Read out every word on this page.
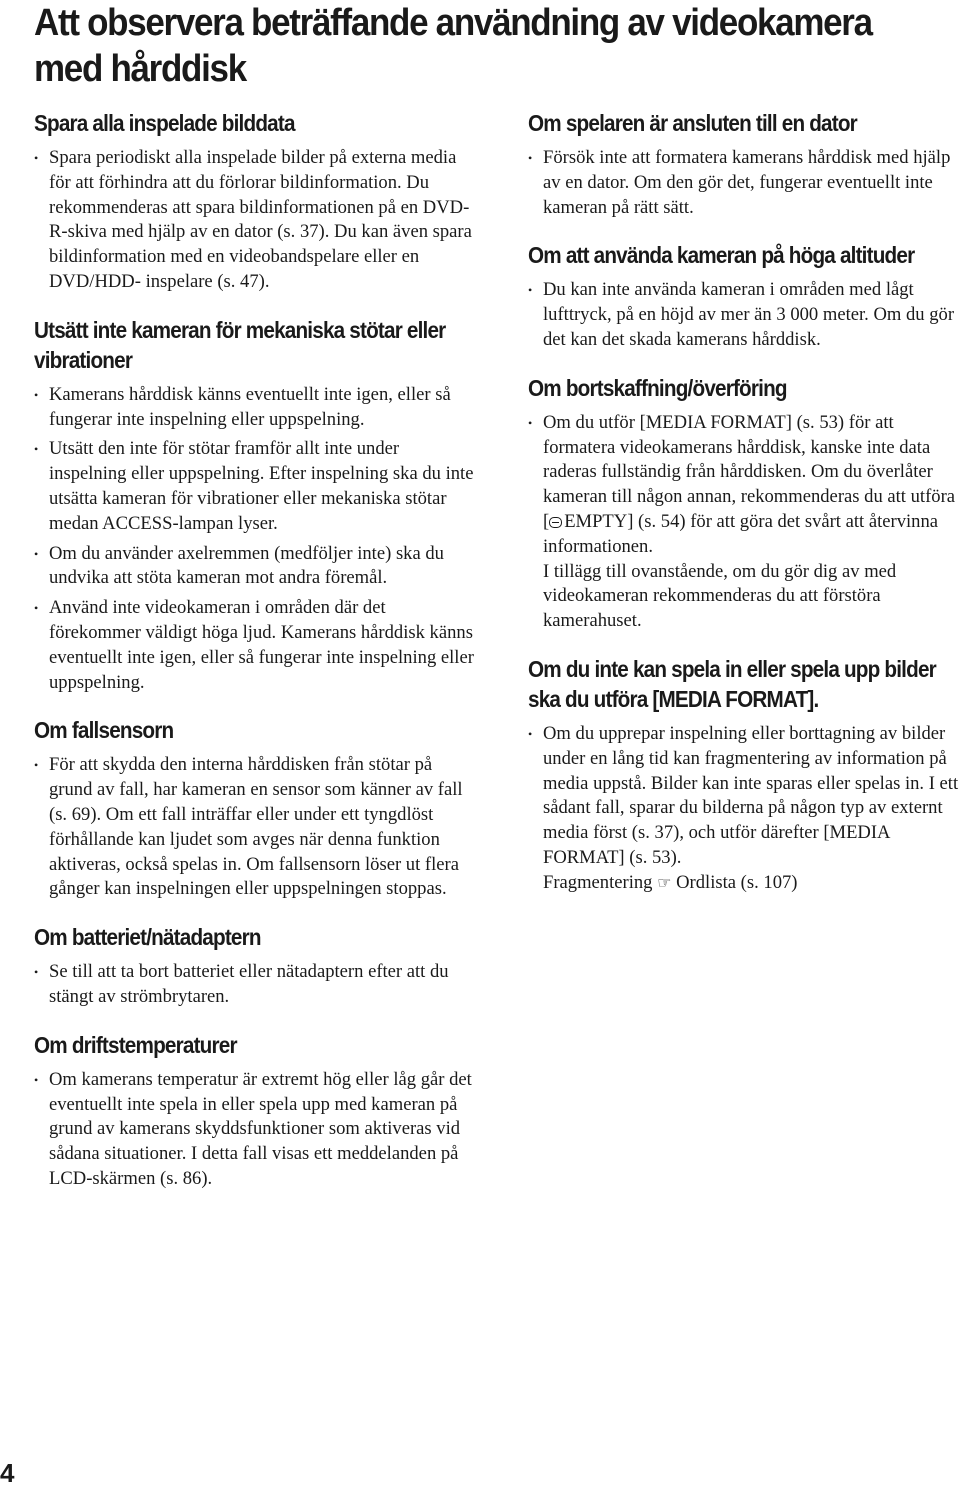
Att observera beträffande användning av videokamera med hårddisk
Spara alla inspelade bilddata
• Spara periodiskt alla inspelade bilder på externa media för att förhindra att du förlorar bildinformation. Du rekommenderas att spara bildinformationen på en DVD-R-skiva med hjälp av en dator (s. 37). Du kan även spara bildinformation med en videobandspelare eller en DVD/HDD- inspelare (s. 47).
Utsätt inte kameran för mekaniska stötar eller vibrationer
• Kamerans hårddisk känns eventuellt inte igen, eller så fungerar inte inspelning eller uppspelning.
• Utsätt den inte för stötar framför allt inte under inspelning eller uppspelning. Efter inspelning ska du inte utsätta kameran för vibrationer eller mekaniska stötar medan ACCESS-lampan lyser.
• Om du använder axelremmen (medföljer inte) ska du undvika att stöta kameran mot andra föremål.
• Använd inte videokameran i områden där det förekommer väldigt höga ljud. Kamerans hårddisk känns eventuellt inte igen, eller så fungerar inte inspelning eller uppspelning.
Om fallsensorn
• För att skydda den interna hårddisken från stötar på grund av fall, har kameran en sensor som känner av fall (s. 69). Om ett fall inträffar eller under ett tyngdlöst förhållande kan ljudet som avges när denna funktion aktiveras, också spelas in. Om fallsensorn löser ut flera gånger kan inspelningen eller uppspelningen stoppas.
Om batteriet/nätadaptern
• Se till att ta bort batteriet eller nätadaptern efter att du stängt av strömbrytaren.
Om driftstemperaturer
• Om kamerans temperatur är extremt hög eller låg går det eventuellt inte spela in eller spela upp med kameran på grund av kamerans skyddsfunktioner som aktiveras vid sådana situationer. I detta fall visas ett meddelanden på LCD-skärmen (s. 86).
Om spelaren är ansluten till en dator
• Försök inte att formatera kamerans hårddisk med hjälp av en dator. Om den gör det, fungerar eventuellt inte kameran på rätt sätt.
Om att använda kameran på höga altituder
• Du kan inte använda kameran i områden med lågt lufttryck, på en höjd av mer än 3 000 meter. Om du gör det kan det skada kamerans hårddisk.
Om bortskaffning/överföring
• Om du utför [MEDIA FORMAT] (s. 53) för att formatera videokamerans hårddisk, kanske inte data raderas fullständig från hårddisken. Om du överlåter kameran till någon annan, rekommenderas du att utföra [ EMPTY] (s. 54) för att göra det svårt att återvinna informationen.
I tillägg till ovanstående, om du gör dig av med videokameran rekommenderas du att förstöra kamerahuset.
Om du inte kan spela in eller spela upp bilder ska du utföra [MEDIA FORMAT].
• Om du upprepar inspelning eller borttagning av bilder under en lång tid kan fragmentering av information på media uppstå. Bilder kan inte sparas eller spelas in. I ett sådant fall, sparar du bilderna på någon typ av externt media först (s. 37), och utför därefter [MEDIA FORMAT] (s. 53).
Fragmentering ☞ Ordlista (s. 107)
4
